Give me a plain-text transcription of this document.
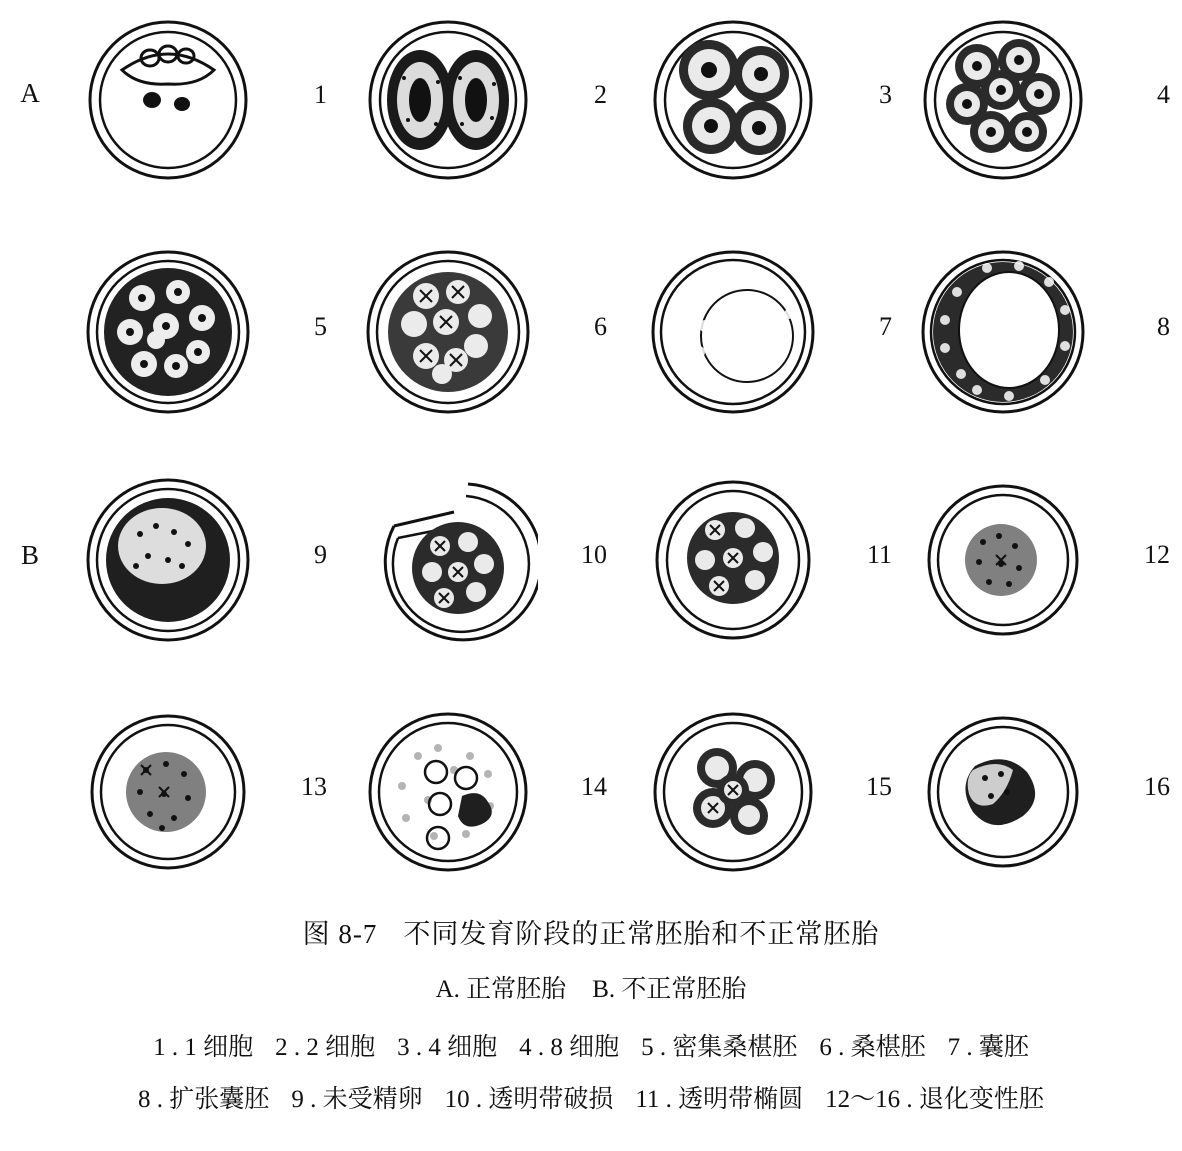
A
B
1	2	3	4
5	6	7	8
9	10	11	12
13	14	15	16
图 8-7 不同发育阶段的正常胚胎和不正常胚胎
A. 正常胚胎 B. 不正常胚胎
1 . 1 细胞 2 . 2 细胞 3 . 4 细胞 4 . 8 细胞 5 . 密集桑椹胚 6 . 桑椹胚 7 . 囊胚
8 . 扩张囊胚 9 . 未受精卵 10 . 透明带破损 11 . 透明带椭圆 12～16 . 退化变性胚
